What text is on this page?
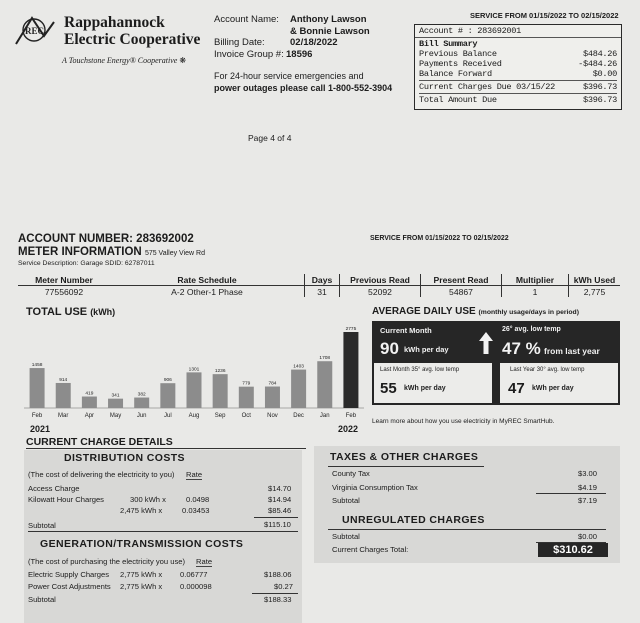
REC Rappahannock
Electric Cooperative
A Touchstone Energy® Cooperative ❋
Account Name:	Anthony Lawson
& Bonnie Lawson
Billing Date:	02/18/2022
Invoice Group #: 18596
For 24-hour service emergencies and
power outages please call 1-800-552-3904
SERVICE FROM 01/15/2022 TO 02/15/2022
Account # : 283692001
Bill Summary
Previous Balance	$484.26
Payments Received	-$484.26
Balance Forward	$0.00
Current Charges Due 03/15/22	$396.73
Total Amount Due	$396.73
Page 4 of 4
ACCOUNT NUMBER: 283692002
METER INFORMATION 575 Valley View Rd
Service Description: Garage SDID: 62787011
SERVICE FROM 01/15/2022 TO 02/15/2022
Meter Number	Rate Schedule	Days	Previous Read	Present Read	Multiplier	kWh Used
77556092	A-2 Other-1 Phase	31	52092	54867	1	2,775
TOTAL USE (kWh)
1458
Feb
914
Mar
419
Apr
341
May
382
Jun
906
Jul
1301
Aug
1236
Sep
779
Oct
784
Nov
1403
Dec
1708
Jan
2775
Feb
2021	2022
AVERAGE DAILY USE (monthly usage/days in period)
Current Month
90 kWh per day
26° avg. low temp
47 % from last year
Last Month 35° avg. low temp
55 kWh per day
Last Year 30° avg. low temp
47 kWh per day
Learn more about how you use electricity in MyREC SmartHub.
CURRENT CHARGE DETAILS
DISTRIBUTION COSTS
(The cost of delivering the electricity to you) Rate
Access Charge	$14.70
Kilowatt Hour Charges	300 kWh x	0.0498	$14.94
2,475 kWh x	0.03453	$85.46
Subtotal	$115.10
GENERATION/TRANSMISSION COSTS
(The cost of purchasing the electricity you use) Rate
Electric Supply Charges 2,775 kWh x 0.06777	$188.06
Power Cost Adjustments 2,775 kWh x 0.000098	$0.27
Subtotal	$188.33
TAXES & OTHER CHARGES
County Tax	$3.00
Virginia Consumption Tax	$4.19
Subtotal	$7.19
UNREGULATED CHARGES
Subtotal	$0.00
Current Charges Total:	$310.62
